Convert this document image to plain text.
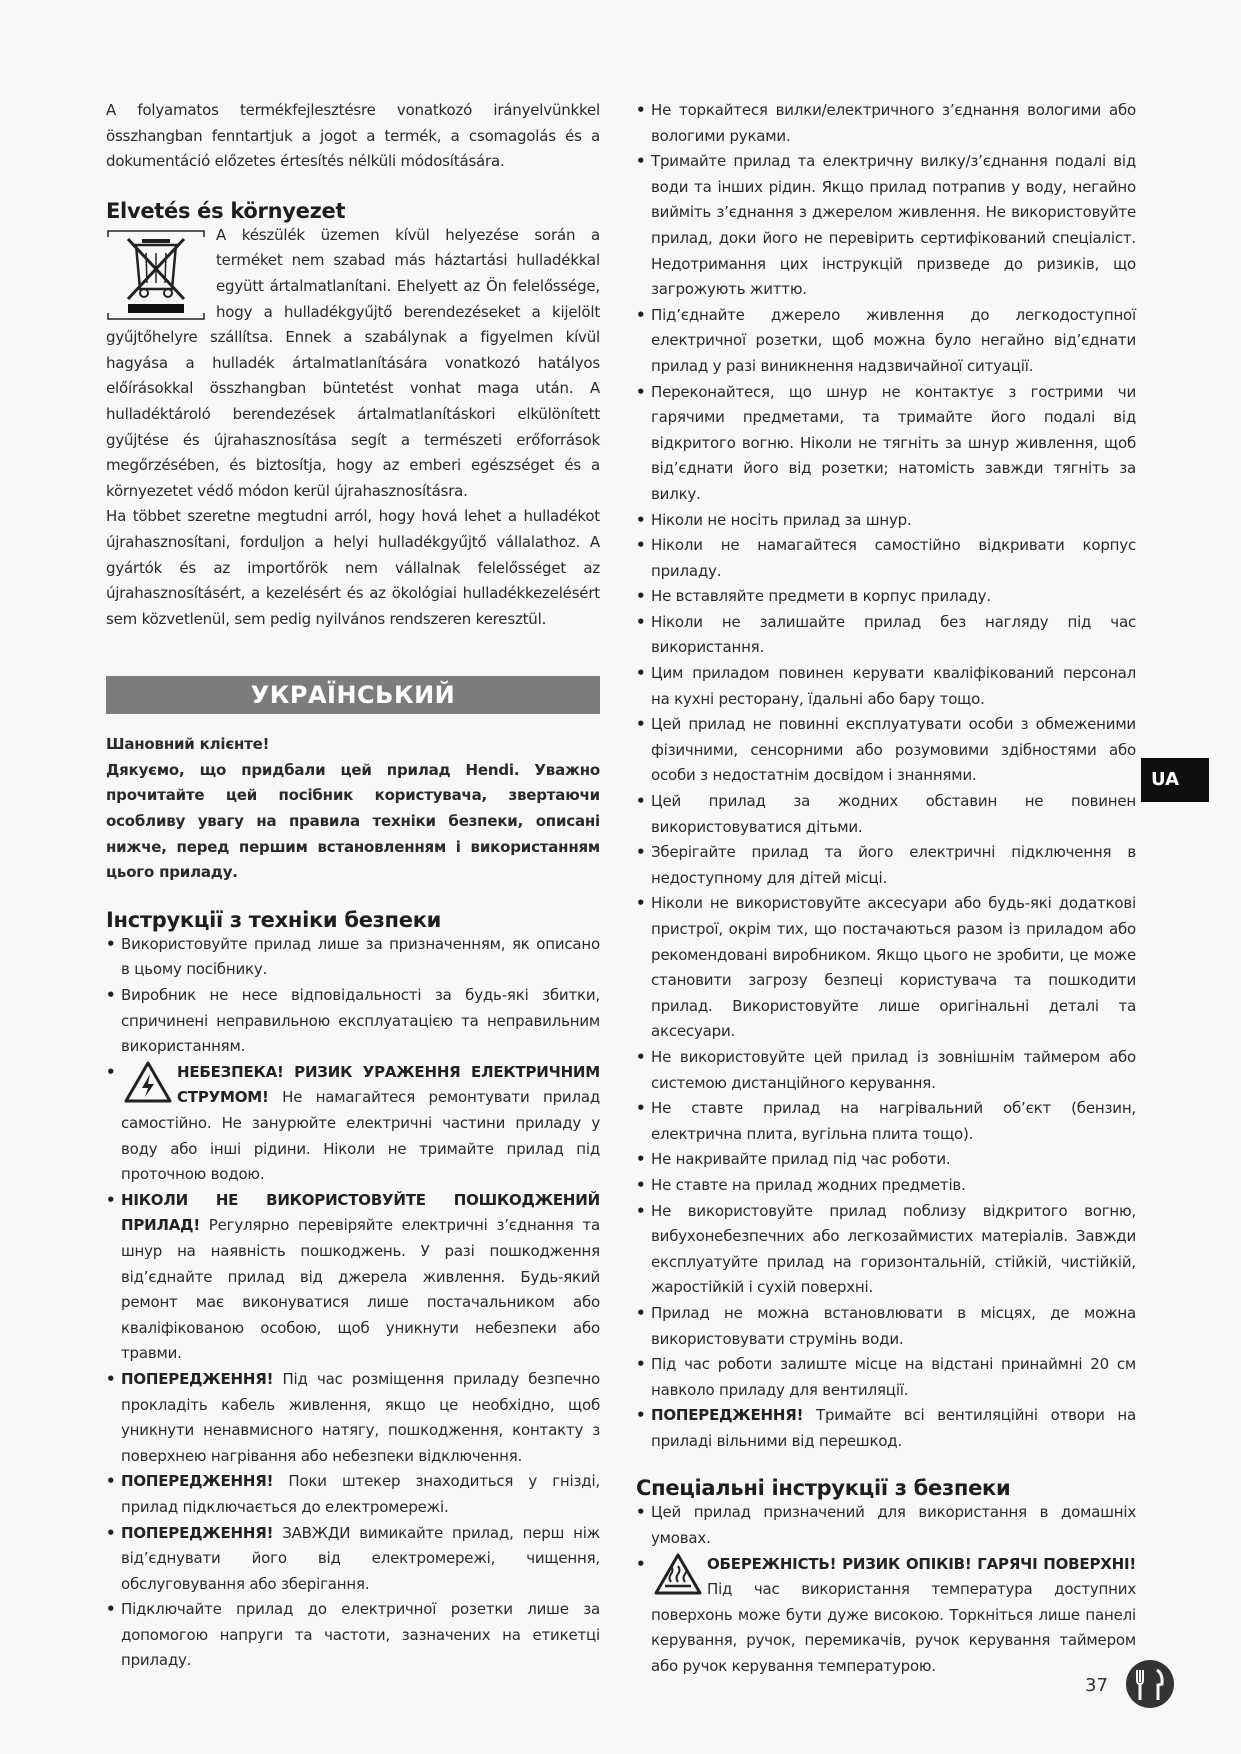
A folyamatos termékfejlesztésre vonatkozó irányelvünkkel összhangban fenntartjuk a jogot a termék, a csomagolás és a dokumentáció előzetes értesítés nélküli módosítására.

Elvetés és környezet

A készülék üzemen kívül helyezése során a terméket nem szabad más háztartási hulladékkal együtt ártalmatlanítani. Ehelyett az Ön felelőssége, hogy a hulladékgyűjtő berendezéseket a kijelölt gyűjtőhelyre szállítsa. Ennek a szabálynak a figyelmen kívül hagyása a hulladék ártalmatlanítására vonatkozó hatályos előírásokkal összhangban büntetést vonhat maga után. A hulladéktároló berendezések ártalmatlanításkori elkülönített gyűjtése és újrahasznosítása segít a természeti erőforrások megőrzésében, és biztosítja, hogy az emberi egészséget és a környezetet védő módon kerül újrahasznosításra.

Ha többet szeretne megtudni arról, hogy hová lehet a hulladékot újrahasznosítani, forduljon a helyi hulladékgyűjtő vállalathoz. A gyártók és az importőrök nem vállalnak felelősséget az újrahasznosításért, a kezelésért és az ökológiai hulladékkezelésért sem közvetlenül, sem pedig nyilvános rendszeren keresztül.

УКРАЇНСЬКИЙ

Шановний клієнте!

Дякуємо, що придбали цей прилад Hendi. Уважно прочитайте цей посібник користувача, звертаючи особливу увагу на правила техніки безпеки, описані нижче, перед першим встановленням і використанням цього приладу.

Інструкції з техніки безпеки
• Використовуйте прилад лише за призначенням, як описано в цьому посібнику.
• Виробник не несе відповідальності за будь-які збитки, спричинені неправильною експлуатацією та неправильним використанням.
• НЕБЕЗПЕКА! РИЗИК УРАЖЕННЯ ЕЛЕКТРИЧНИМ СТРУМОМ! Не намагайтеся ремонтувати прилад самостійно. Не занурюйте електричні частини приладу у воду або інші рідини. Ніколи не тримайте прилад під проточною водою.
• НІКОЛИ НЕ ВИКОРИСТОВУЙТЕ ПОШКОДЖЕНИЙ ПРИЛАД! Регулярно перевіряйте електричні з’єднання та шнур на наявність пошкоджень. У разі пошкодження від’єднайте прилад від джерела живлення. Будь-який ремонт має виконуватися лише постачальником або кваліфікованою особою, щоб уникнути небезпеки або травми.
• ПОПЕРЕДЖЕННЯ! Під час розміщення приладу безпечно прокладіть кабель живлення, якщо це необхідно, щоб уникнути ненавмисного натягу, пошкодження, контакту з поверхнею нагрівання або небезпеки відключення.
• ПОПЕРЕДЖЕННЯ! Поки штекер знаходиться у гнізді, прилад підключається до електромережі.
• ПОПЕРЕДЖЕННЯ! ЗАВЖДИ вимикайте прилад, перш ніж від’єднувати його від електромережі, чищення, обслуговування або зберігання.
• Підключайте прилад до електричної розетки лише за допомогою напруги та частоти, зазначених на етикетці приладу.
• Не торкайтеся вилки/електричного з’єднання вологими або вологими руками.
• Тримайте прилад та електричну вилку/з’єднання подалі від води та інших рідин. Якщо прилад потрапив у воду, негайно вийміть з’єднання з джерелом живлення. Не використовуйте прилад, доки його не перевірить сертифікований спеціаліст. Недотримання цих інструкцій призведе до ризиків, що загрожують життю.
• Під’єднайте джерело живлення до легкодоступної електричної розетки, щоб можна було негайно від’єднати прилад у разі виникнення надзвичайної ситуації.
• Переконайтеся, що шнур не контактує з гострими чи гарячими предметами, та тримайте його подалі від відкритого вогню. Ніколи не тягніть за шнур живлення, щоб від’єднати його від розетки; натомість завжди тягніть за вилку.
• Ніколи не носіть прилад за шнур.
• Ніколи не намагайтеся самостійно відкривати корпус приладу.
• Не вставляйте предмети в корпус приладу.
• Ніколи не залишайте прилад без нагляду під час використання.
• Цим приладом повинен керувати кваліфікований персонал на кухні ресторану, їдальні або бару тощо.
• Цей прилад не повинні експлуатувати особи з обмеженими фізичними, сенсорними або розумовими здібностями або особи з недостатнім досвідом і знаннями.
• Цей прилад за жодних обставин не повинен використовуватися дітьми.
• Зберігайте прилад та його електричні підключення в недоступному для дітей місці.
• Ніколи не використовуйте аксесуари або будь-які додаткові пристрої, окрім тих, що постачаються разом із приладом або рекомендовані виробником. Якщо цього не зробити, це може становити загрозу безпеці користувача та пошкодити прилад. Використовуйте лише оригінальні деталі та аксесуари.
• Не використовуйте цей прилад із зовнішнім таймером або системою дистанційного керування.
• Не ставте прилад на нагрівальний об’єкт (бензин, електрична плита, вугільна плита тощо).
• Не накривайте прилад під час роботи.
• Не ставте на прилад жодних предметів.
• Не використовуйте прилад поблизу відкритого вогню, вибухонебезпечних або легкозаймистих матеріалів. Завжди експлуатуйте прилад на горизонтальній, стійкій, чистійкій, жаростійкій і сухій поверхні.
• Прилад не можна встановлювати в місцях, де можна використовувати струмінь води.
• Під час роботи залиште місце на відстані принаймні 20 см навколо приладу для вентиляції.
• ПОПЕРЕДЖЕННЯ! Тримайте всі вентиляційні отвори на приладі вільними від перешкод.
Спеціальні інструкції з безпеки
• Цей прилад призначений для використання в домашніх умовах.
• ОБЕРЕЖНІСТЬ! РИЗИК ОПІКІВ! ГАРЯЧІ ПОВЕРХНІ! Під час використання температура доступних поверхонь може бути дуже високою. Торкніться лише панелі керування, ручок, перемикачів, ручок керування таймером або ручок керування температурою.
UA
37
